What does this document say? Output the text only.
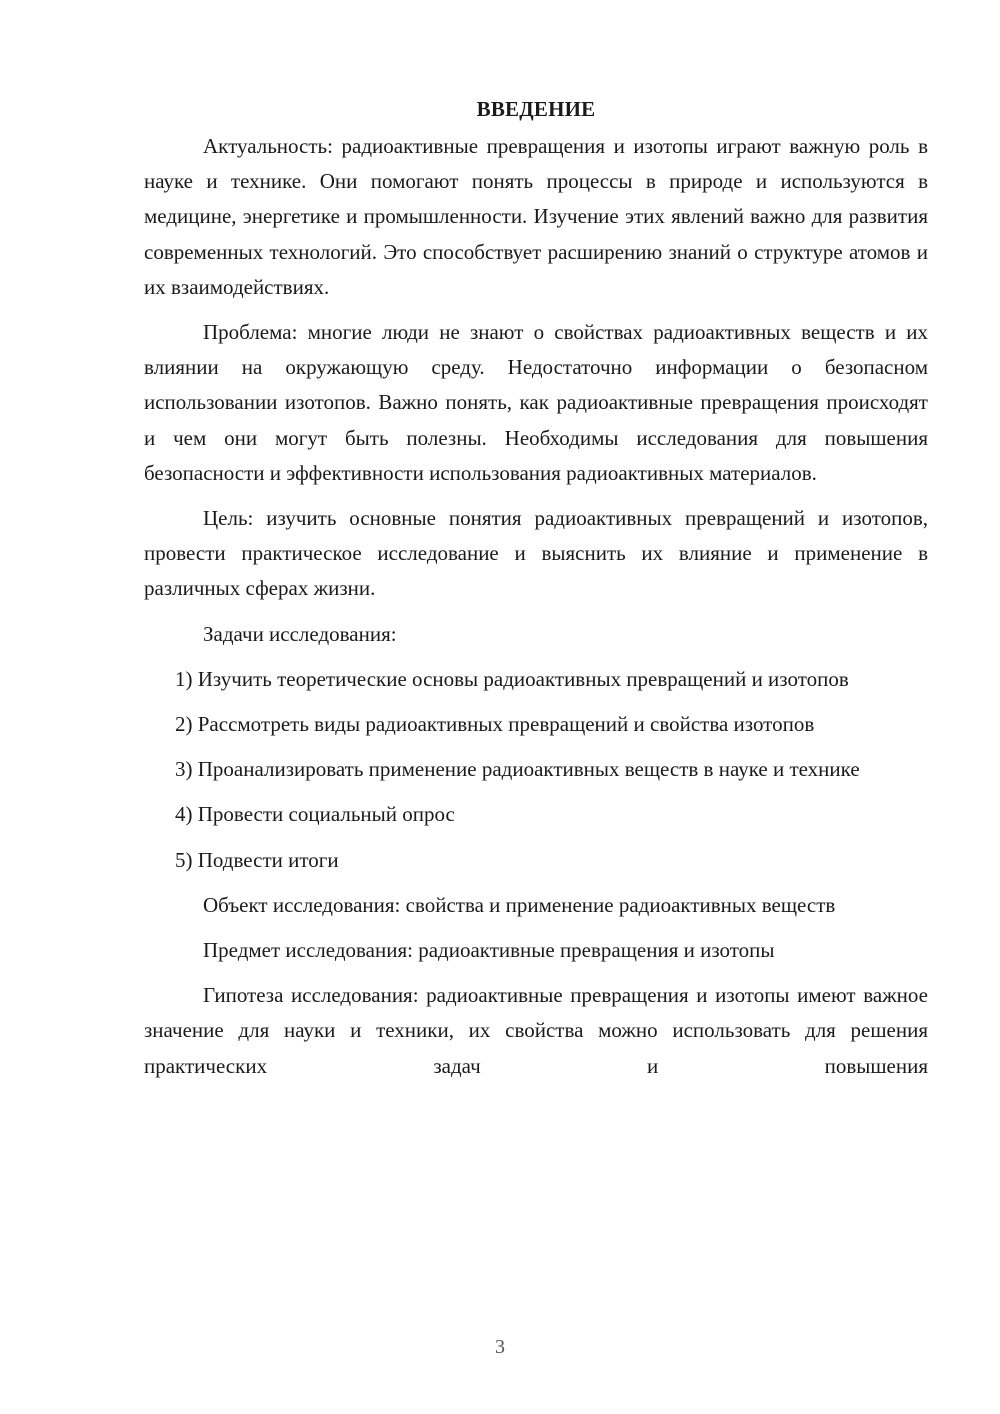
ВВЕДЕНИЕ

Актуальность: радиоактивные превращения и изотопы играют важную роль в науке и технике. Они помогают понять процессы в природе и используются в медицине, энергетике и промышленности. Изучение этих явлений важно для развития современных технологий. Это способствует расширению знаний о структуре атомов и их взаимодействиях.

Проблема: многие люди не знают о свойствах радиоактивных веществ и их влиянии на окружающую среду. Недостаточно информации о безопасном использовании изотопов. Важно понять, как радиоактивные превращения происходят и чем они могут быть полезны. Необходимы исследования для повышения безопасности и эффективности использования радиоактивных материалов.

Цель: изучить основные понятия радиоактивных превращений и изотопов, провести практическое исследование и выяснить их влияние и применение в различных сферах жизни.

Задачи исследования:

1) Изучить теоретические основы радиоактивных превращений и изотопов

2) Рассмотреть виды радиоактивных превращений и свойства изотопов

3) Проанализировать применение радиоактивных веществ в науке и технике

4) Провести социальный опрос

5) Подвести итоги

Объект исследования: свойства и применение радиоактивных веществ

Предмет исследования: радиоактивные превращения и изотопы

Гипотеза исследования: радиоактивные превращения и изотопы имеют важное значение для науки и техники, их свойства можно использовать для решения практических задач и повышения

3
